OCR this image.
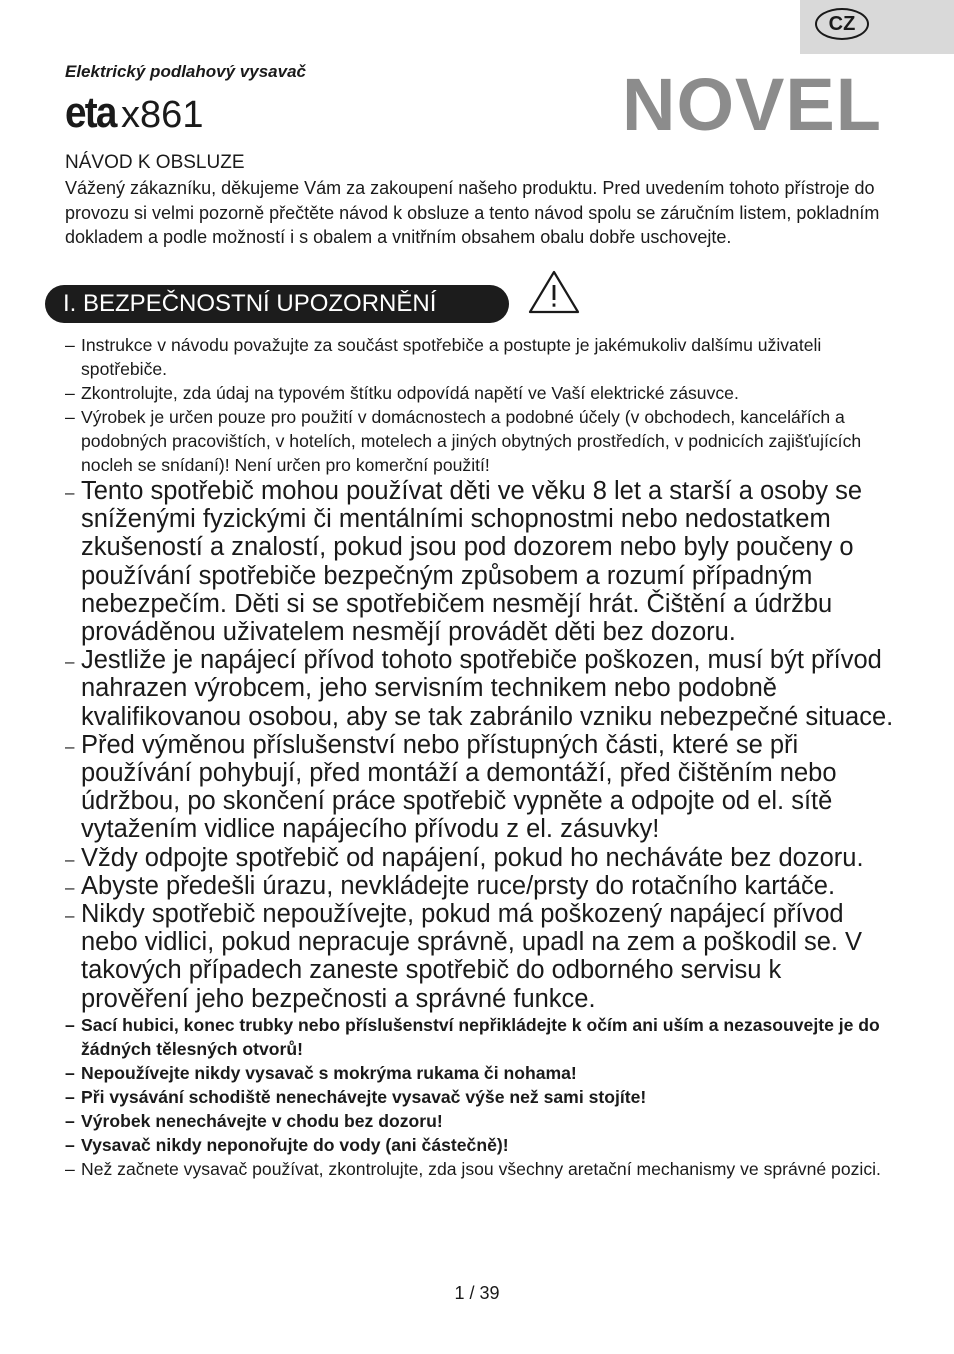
CZ
Elektrický podlahový vysavač
eta x861	NOVEL
NÁVOD K OBSLUZE
Vážený zákazníku, děkujeme Vám za zakoupení našeho produktu. Pred uvedením tohoto přístroje do provozu si velmi pozorně přečtěte návod k obsluze a tento návod spolu se záručním listem, pokladním dokladem a podle možností i s obalem a vnitřním obsahem obalu dobře uschovejte.
I. BEZPEČNOSTNÍ UPOZORNĚNÍ
– Instrukce v návodu považujte za součást spotřebiče a postupte je jakémukoliv dalšímu uživateli spotřebiče.
– Zkontrolujte, zda údaj na typovém štítku odpovídá napětí ve Vaší elektrické zásuvce.
– Výrobek je určen pouze pro použití v domácnostech a podobné účely (v obchodech, kancelářích a podobných pracovištích, v hotelích, motelech a jiných obytných prostředích, v podnicích zajišťujících nocleh se snídaní)! Není určen pro komerční použití!
– Tento spotřebič mohou používat děti ve věku 8 let a starší a osoby se sníženými fyzickými či mentálními schopnostmi nebo nedostatkem zkušeností a znalostí, pokud jsou pod dozorem nebo byly poučeny o používání spotřebiče bezpečným způsobem a rozumí případným nebezpečím. Děti si se spotřebičem nesmějí hrát. Čištění a údržbu prováděnou uživatelem nesmějí provádět děti bez dozoru.
– Jestliže je napájecí přívod tohoto spotřebiče poškozen, musí být přívod nahrazen výrobcem, jeho servisním technikem nebo podobně kvalifikovanou osobou, aby se tak zabránilo vzniku nebezpečné situace.
– Před výměnou příslušenství nebo přístupných části, které se při používání pohybují, před montáží a demontáží, před čištěním nebo údržbou, po skončení práce spotřebič vypněte a odpojte od el. sítě vytažením vidlice napájecího přívodu z el. zásuvky!
– Vždy odpojte spotřebič od napájení, pokud ho necháváte bez dozoru.
– Abyste předešli úrazu, nevkládejte ruce/prsty do rotačního kartáče.
– Nikdy spotřebič nepoužívejte, pokud má poškozený napájecí přívod nebo vidlici, pokud nepracuje správně, upadl na zem a poškodil se. V takových případech zaneste spotřebič do odborného servisu k prověření jeho bezpečnosti a správné funkce.
– Sací hubici, konec trubky nebo příslušenství nepřikládejte k očím ani uším a nezasouvejte je do žádných tělesných otvorů!
– Nepoužívejte nikdy vysavač s mokrýma rukama či nohama!
– Při vysávání schodiště nenechávejte vysavač výše než sami stojíte!
– Výrobek nenechávejte v chodu bez dozoru!
– Vysavač nikdy neponořujte do vody (ani částečně)!
– Než začnete vysavač používat, zkontrolujte, zda jsou všechny aretační mechanismy ve správné pozici.
1 / 39
